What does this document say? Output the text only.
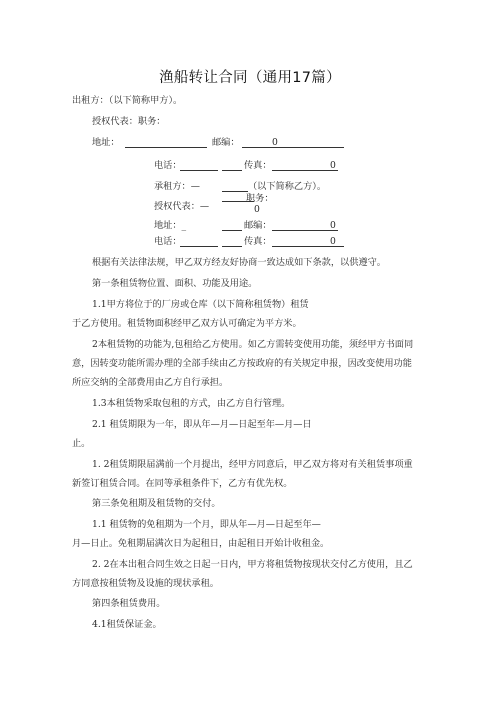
渔船转让合同（通用17篇）
出租方：（以下简称甲方）。
授权代表：职务：
地址：	邮编：	0
电话：	传真：	0
承租方：—	（以下简称乙方）。
授权代表：—
职务：
0
地址：_	邮编：	0
电话：	传真：	0
根据有关法律法规，甲乙双方经友好协商一致达成如下条款，以供遵守。
第一条租赁物位置、面积、功能及用途。
1.1甲方将位于的厂房或仓库（以下简称租赁物）租赁
于乙方使用。租赁物面积经甲乙双方认可确定为平方米。
2本租赁物的功能为,包租给乙方使用。如乙方需转变使用功能，须经甲方书面同
意，因转变功能所需办理的全部手续由乙方按政府的有关规定申报，因改变使用功能
所应交纳的全部费用由乙方自行承担。
1.3本租赁物采取包租的方式，由乙方自行管理。
2.1 租赁期限为一年，即从年—月—日起至年—月—日
止。
1. 2租赁期限届满前一个月提出，经甲方同意后，甲乙双方将对有关租赁事项重
新签订租赁合同。在同等承租条件下，乙方有优先权。
第三条免租期及租赁物的交付。
1.1 租赁物的免租期为一个月，即从年—月—日起至年—
月—日止。免租期届满次日为起租日，由起租日开始计收租金。
2. 2在本出租合同生效之日起一日内，甲方将租赁物按现状交付乙方使用，且乙
方同意按租赁物及设施的现状承租。
第四条租赁费用。
4.1租赁保证金。
